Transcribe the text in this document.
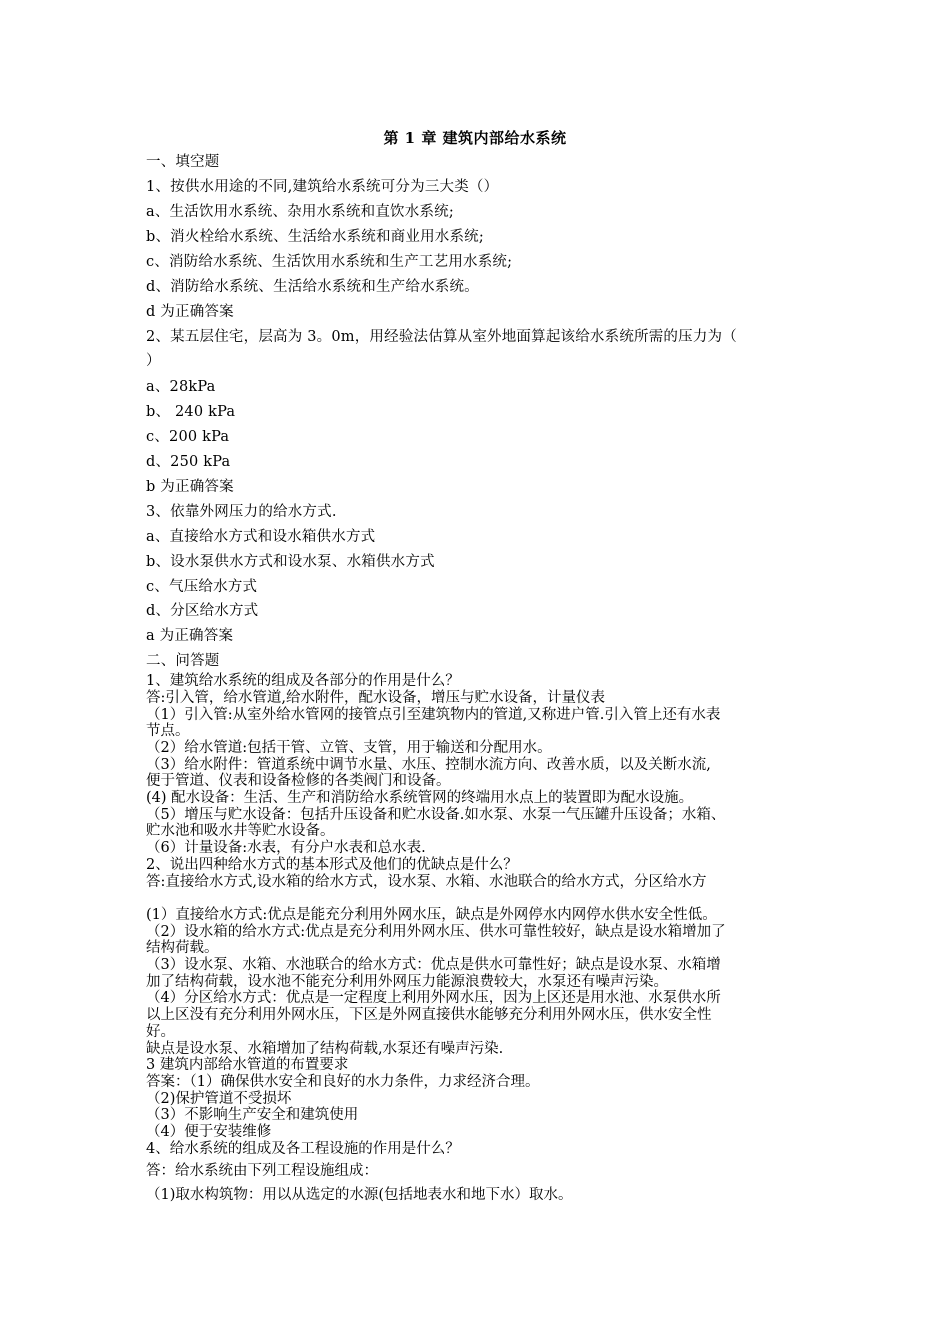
第 1 章 建筑内部给水系统
一、填空题
1、按供水用途的不同,建筑给水系统可分为三大类（）
a、生活饮用水系统、杂用水系统和直饮水系统;
b、消火栓给水系统、生活给水系统和商业用水系统;
c、消防给水系统、生活饮用水系统和生产工艺用水系统;
d、消防给水系统、生活给水系统和生产给水系统。
d 为正确答案
2、某五层住宅，层高为 3。0m，用经验法估算从室外地面算起该给水系统所需的压力为（
）
a、28kPa
b、 240 kPa
c、200 kPa
d、250 kPa
b 为正确答案
3、依靠外网压力的给水方式.
a、直接给水方式和设水箱供水方式
b、设水泵供水方式和设水泵、水箱供水方式
c、气压给水方式
d、分区给水方式
a 为正确答案
二、问答题
1、建筑给水系统的组成及各部分的作用是什么？
答:引入管，给水管道,给水附件，配水设备，增压与贮水设备，计量仪表
（1）引入管:从室外给水管网的接管点引至建筑物内的管道,又称进户管.引入管上还有水表
节点。
（2）给水管道:包括干管、立管、支管，用于输送和分配用水。
（3）给水附件：管道系统中调节水量、水压、控制水流方向、改善水质，以及关断水流,
便于管道、仪表和设备检修的各类阀门和设备。
(4) 配水设备：生活、生产和消防给水系统管网的终端用水点上的装置即为配水设施。
（5）增压与贮水设备：包括升压设备和贮水设备.如水泵、水泵一气压罐升压设备；水箱、
贮水池和吸水井等贮水设备。
（6）计量设备:水表，有分户水表和总水表.
2、说出四种给水方式的基本形式及他们的优缺点是什么？
答:直接给水方式,设水箱的给水方式，设水泵、水箱、水池联合的给水方式，分区给水方
(1）直接给水方式:优点是能充分利用外网水压，缺点是外网停水内网停水供水安全性低。
（2）设水箱的给水方式:优点是充分利用外网水压、供水可靠性较好，缺点是设水箱增加了
结构荷载。
（3）设水泵、水箱、水池联合的给水方式：优点是供水可靠性好；缺点是设水泵、水箱增
加了结构荷载，设水池不能充分利用外网压力能源浪费较大，水泵还有噪声污染。
（4）分区给水方式：优点是一定程度上利用外网水压，因为上区还是用水池、水泵供水所
以上区没有充分利用外网水压，下区是外网直接供水能够充分利用外网水压，供水安全性
好。
缺点是设水泵、水箱增加了结构荷载,水泵还有噪声污染.
3 建筑内部给水管道的布置要求
答案：（1）确保供水安全和良好的水力条件，力求经济合理。
（2)保护管道不受损坏
（3）不影响生产安全和建筑使用
（4）便于安装维修
4、给水系统的组成及各工程设施的作用是什么？
答：给水系统由下列工程设施组成：
（1)取水构筑物：用以从选定的水源(包括地表水和地下水）取水。
